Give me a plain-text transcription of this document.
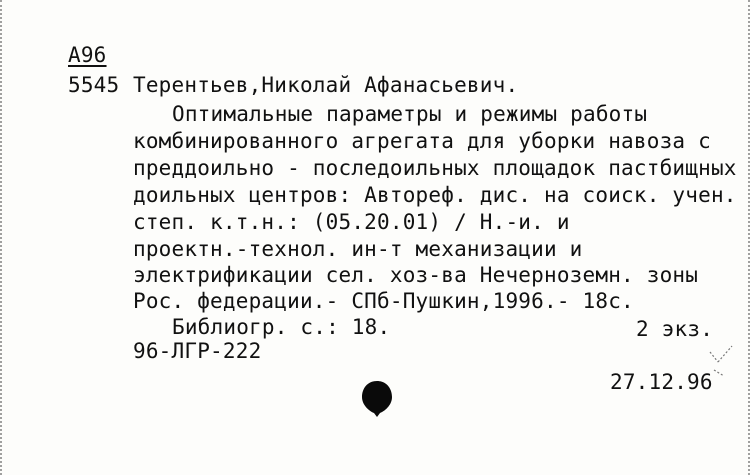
А96
5545 Терентьев,Николай Афанасьевич.
Оптимальные параметры и режимы работы
комбинированного агрегата для уборки навоза с
преддоильно - последоильных площадок пастбищных
доильных центров: Автореф. дис. на соиск. учен.
степ. к.т.н.: (05.20.01) / Н.-и. и
проектн.-технол. ин-т механизации и
электрификации сел. хоз-ва Нечерноземн. зоны
Рос. федерации.- СПб-Пушкин,1996.- 18с.
Библиогр. с.: 18.	2 экз.
96-ЛГР-222
27.12.96
